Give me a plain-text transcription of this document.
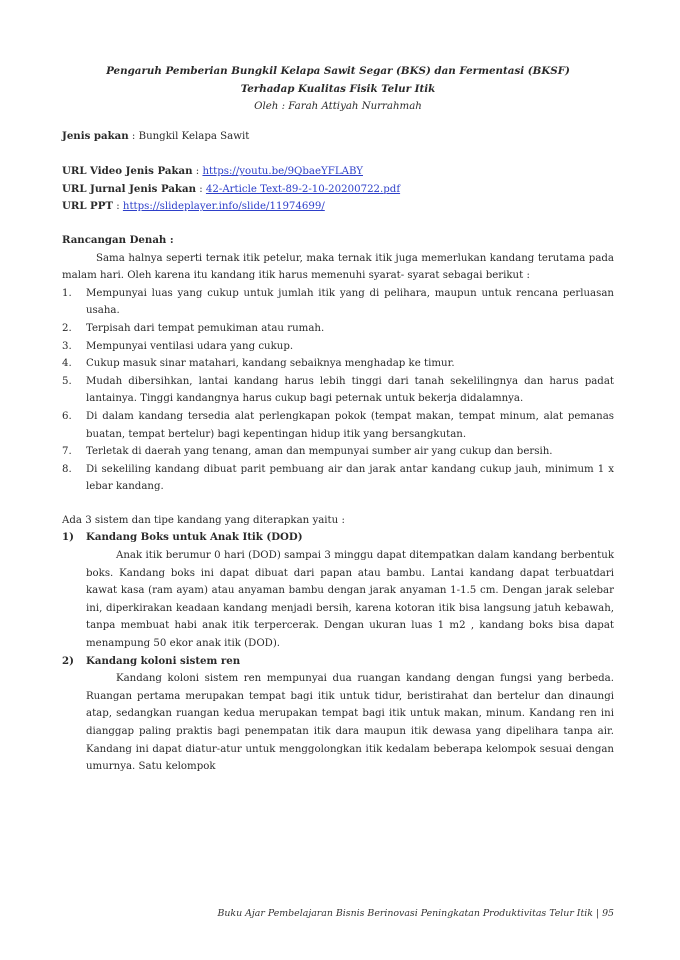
Pengaruh Pemberian Bungkil Kelapa Sawit Segar (BKS) dan Fermentasi (BKSF)
Terhadap Kualitas Fisik Telur Itik

Oleh : Farah Attiyah Nurrahmah

Jenis pakan : Bungkil Kelapa Sawit

URL Video Jenis Pakan : https://youtu.be/9QbaeYFLABY

URL Jurnal Jenis Pakan : 42-Article Text-89-2-10-20200722.pdf

URL PPT : https://slideplayer.info/slide/11974699/

Rancangan Denah :

Sama halnya seperti ternak itik petelur, maka ternak itik juga memerlukan kandang terutama pada malam hari. Oleh karena itu kandang itik harus memenuhi syarat- syarat sebagai berikut :

1. Mempunyai luas yang cukup untuk jumlah itik yang di pelihara, maupun untuk rencana perluasan usaha.
2. Terpisah dari tempat pemukiman atau rumah.
3. Mempunyai ventilasi udara yang cukup.
4. Cukup masuk sinar matahari, kandang sebaiknya menghadap ke timur.
5. Mudah dibersihkan, lantai kandang harus lebih tinggi dari tanah sekelilingnya dan harus padat lantainya. Tinggi kandangnya harus cukup bagi peternak untuk bekerja didalamnya.
6. Di dalam kandang tersedia alat perlengkapan pokok (tempat makan, tempat minum, alat pemanas buatan, tempat bertelur) bagi kepentingan hidup itik yang bersangkutan.
7. Terletak di daerah yang tenang, aman dan mempunyai sumber air yang cukup dan bersih.
8. Di sekeliling kandang dibuat parit pembuang air dan jarak antar kandang cukup jauh, minimum 1 x lebar kandang.

Ada 3 sistem dan tipe kandang yang diterapkan yaitu :

1) Kandang Boks untuk Anak Itik (DOD)

Anak itik berumur 0 hari (DOD) sampai 3 minggu dapat ditempatkan dalam kandang berbentuk boks. Kandang boks ini dapat dibuat dari papan atau bambu. Lantai kandang dapat terbuatdari kawat kasa (ram ayam) atau anyaman bambu dengan jarak anyaman 1-1.5 cm. Dengan jarak selebar ini, diperkirakan keadaan kandang menjadi bersih, karena kotoran itik bisa langsung jatuh kebawah, tanpa membuat habi anak itik terpercerak. Dengan ukuran luas 1 m2 , kandang boks bisa dapat menampung 50 ekor anak itik (DOD).

2) Kandang koloni sistem ren

Kandang koloni sistem ren mempunyai dua ruangan kandang dengan fungsi yang berbeda. Ruangan pertama merupakan tempat bagi itik untuk tidur, beristirahat dan bertelur dan dinaungi atap, sedangkan ruangan kedua merupakan tempat bagi itik untuk makan, minum. Kandang ren ini dianggap paling praktis bagi penempatan itik dara maupun itik dewasa yang dipelihara tanpa air. Kandang ini dapat diatur-atur untuk menggolongkan itik kedalam beberapa kelompok sesuai dengan umurnya. Satu kelompok

Buku Ajar Pembelajaran Bisnis Berinovasi Peningkatan Produktivitas Telur Itik | 95
